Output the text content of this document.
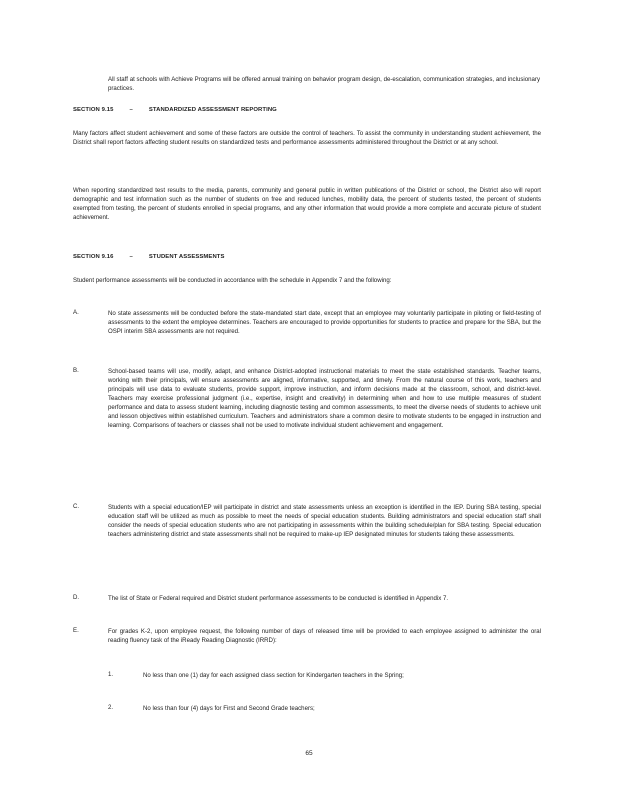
All staff at schools with Achieve Programs will be offered annual training on behavior program design, de-escalation, communication strategies, and inclusionary practices.

SECTION 9.15	–	STANDARDIZED ASSESSMENT REPORTING

Many factors affect student achievement and some of these factors are outside the control of teachers. To assist the community in understanding student achievement, the District shall report factors affecting student results on standardized tests and performance assessments administered throughout the District or at any school.

When reporting standardized test results to the media, parents, community and general public in written publications of the District or school, the District also will report demographic and test information such as the number of students on free and reduced lunches, mobility data, the percent of students tested, the percent of students exempted from testing, the percent of students enrolled in special programs, and any other information that would provide a more complete and accurate picture of student achievement.

SECTION 9.16	–	STUDENT ASSESSMENTS

Student performance assessments will be conducted in accordance with the schedule in Appendix 7 and the following:

A.	No state assessments will be conducted before the state-mandated start date, except that an employee may voluntarily participate in piloting or field-testing of assessments to the extent the employee determines. Teachers are encouraged to provide opportunities for students to practice and prepare for the SBA, but the OSPI interim SBA assessments are not required.

B.	School-based teams will use, modify, adapt, and enhance District-adopted instructional materials to meet the state established standards. Teacher teams, working with their principals, will ensure assessments are aligned, informative, supported, and timely. From the natural course of this work, teachers and principals will use data to evaluate students, provide support, improve instruction, and inform decisions made at the classroom, school, and district-level. Teachers may exercise professional judgment (i.e., expertise, insight and creativity) in determining when and how to use multiple measures of student performance and data to assess student learning, including diagnostic testing and common assessments, to meet the diverse needs of students to achieve unit and lesson objectives within established curriculum. Teachers and administrators share a common desire to motivate students to be engaged in instruction and learning. Comparisons of teachers or classes shall not be used to motivate individual student achievement and engagement.

C.	Students with a special education/IEP will participate in district and state assessments unless an exception is identified in the IEP. During SBA testing, special education staff will be utilized as much as possible to meet the needs of special education students. Building administrators and special education staff shall consider the needs of special education students who are not participating in assessments within the building schedule/plan for SBA testing. Special education teachers administering district and state assessments shall not be required to make-up IEP designated minutes for students taking these assessments.

D.	The list of State or Federal required and District student performance assessments to be conducted is identified in Appendix 7.

E.	For grades K-2, upon employee request, the following number of days of released time will be provided to each employee assigned to administer the oral reading fluency task of the iReady Reading Diagnostic (IRRD):

1.	No less than one (1) day for each assigned class section for Kindergarten teachers in the Spring;

2.	No less than four (4) days for First and Second Grade teachers;

65
